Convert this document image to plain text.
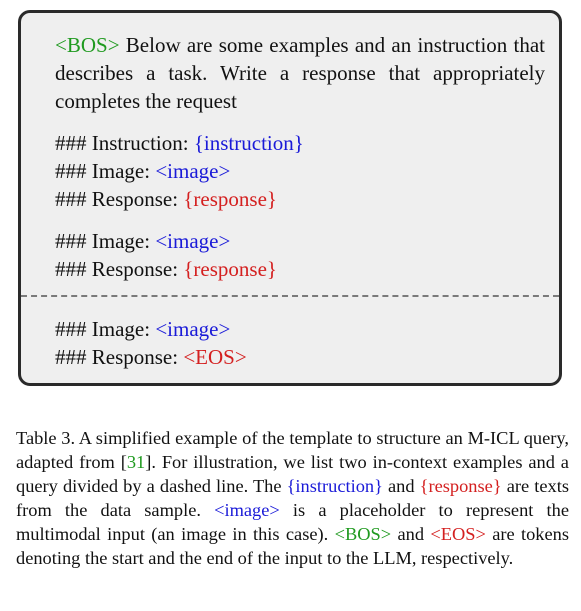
<BOS> Below are some examples and an instruction that describes a task. Write a response that appropriately completes the request
### Instruction: {instruction}
### Image: <image>
### Response: {response}
### Image: <image>
### Response: {response}
### Image: <image>
### Response: <EOS>
Table 3. A simplified example of the template to structure an M-ICL query, adapted from [31]. For illustration, we list two in-context examples and a query divided by a dashed line. The {instruction} and {response} are texts from the data sample. <image> is a placeholder to represent the multimodal input (an image in this case). <BOS> and <EOS> are tokens denoting the start and the end of the input to the LLM, respectively.
